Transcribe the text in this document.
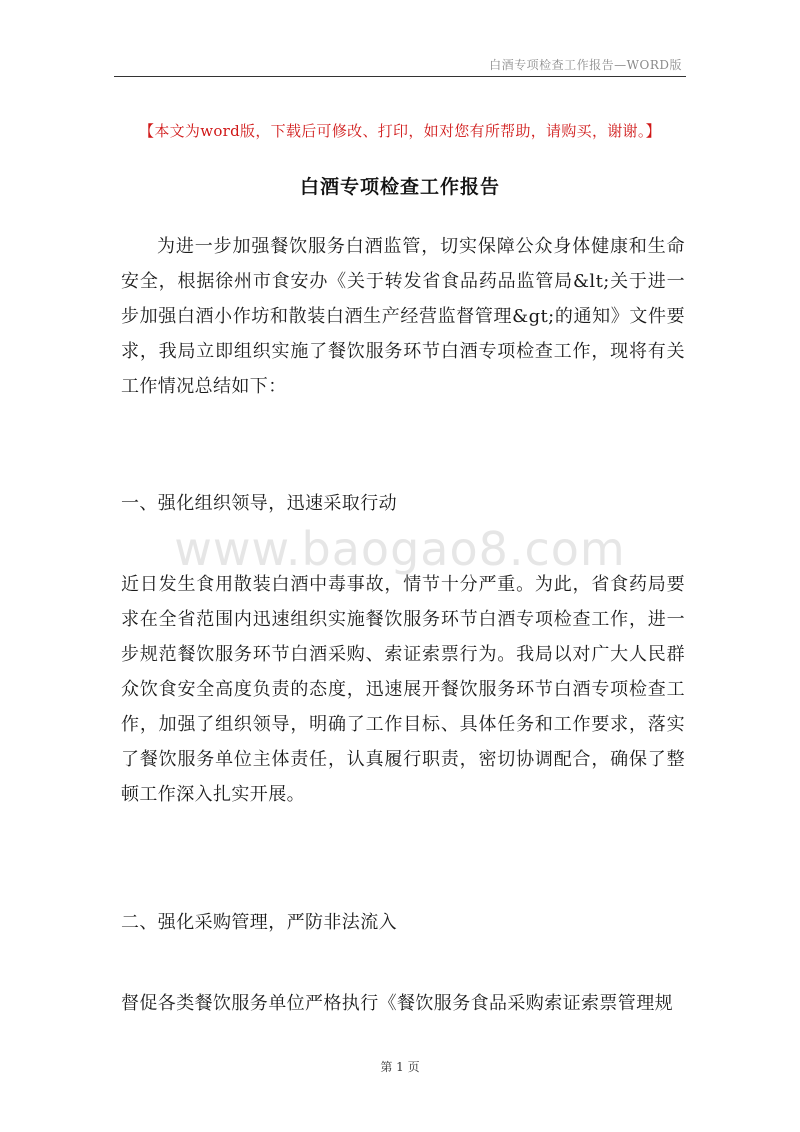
白酒专项检查工作报告—WORD版
【本文为word版，下载后可修改、打印，如对您有所帮助，请购买，谢谢。】
白酒专项检查工作报告

为进一步加强餐饮服务白酒监管，切实保障公众身体健康和生命安全，根据徐州市食安办《关于转发省食品药品监管局&lt;关于进一步加强白酒小作坊和散装白酒生产经营监督管理&gt;的通知》文件要求，我局立即组织实施了餐饮服务环节白酒专项检查工作，现将有关工作情况总结如下：

一、强化组织领导，迅速采取行动
www.baogao8.com

近日发生食用散装白酒中毒事故，情节十分严重。为此，省食药局要求在全省范围内迅速组织实施餐饮服务环节白酒专项检查工作，进一步规范餐饮服务环节白酒采购、索证索票行为。我局以对广大人民群众饮食安全高度负责的态度，迅速展开餐饮服务环节白酒专项检查工作，加强了组织领导，明确了工作目标、具体任务和工作要求，落实了餐饮服务单位主体责任，认真履行职责，密切协调配合，确保了整顿工作深入扎实开展。

二、强化采购管理，严防非法流入

督促各类餐饮服务单位严格执行《餐饮服务食品采购索证索票管理规

第 1 页
